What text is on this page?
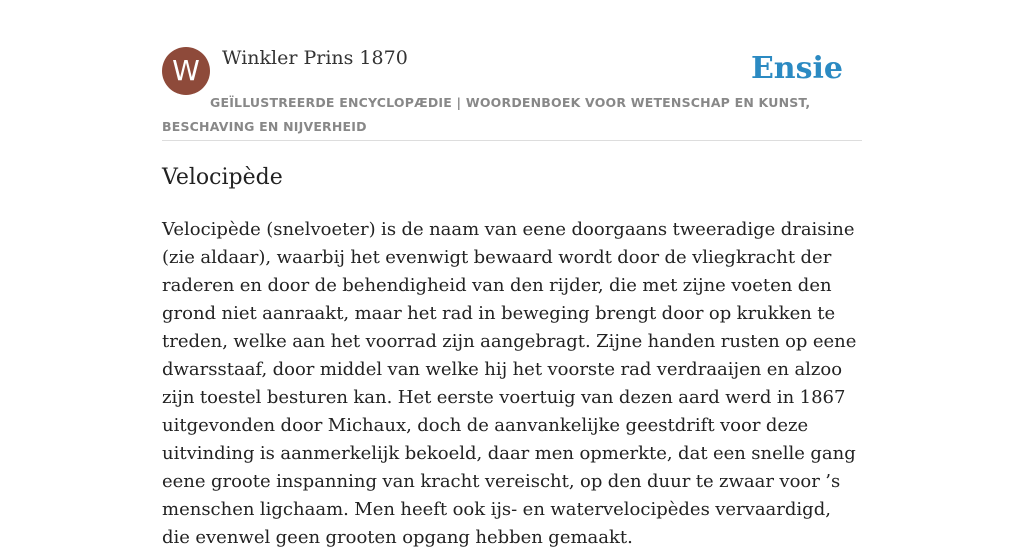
W	Winkler Prins 1870	Ensie
GEÏLLUSTREERDE ENCYCLOPÆDIE | WOORDENBOEK VOOR WETENSCHAP EN KUNST, BESCHAVING EN NIJVERHEID
Velocipède

Velocipède (snelvoeter) is de naam van eene doorgaans tweeradige draisine (zie aldaar), waarbij het evenwigt bewaard wordt door de vliegkracht der raderen en door de behendigheid van den rijder, die met zijne voeten den grond niet aanraakt, maar het rad in beweging brengt door op krukken te treden, welke aan het voorrad zijn aangebragt. Zijne handen rusten op eene dwarsstaaf, door middel van welke hij het voorste rad verdraaijen en alzoo zijn toestel besturen kan. Het eerste voertuig van dezen aard werd in 1867 uitgevonden door Michaux, doch de aanvankelijke geestdrift voor deze uitvinding is aanmerkelijk bekoeld, daar men opmerkte, dat een snelle gang eene groote inspanning van kracht vereischt, op den duur te zwaar voor ’s menschen ligchaam. Men heeft ook ijs- en watervelocipèdes vervaardigd, die evenwel geen grooten opgang hebben gemaakt.
